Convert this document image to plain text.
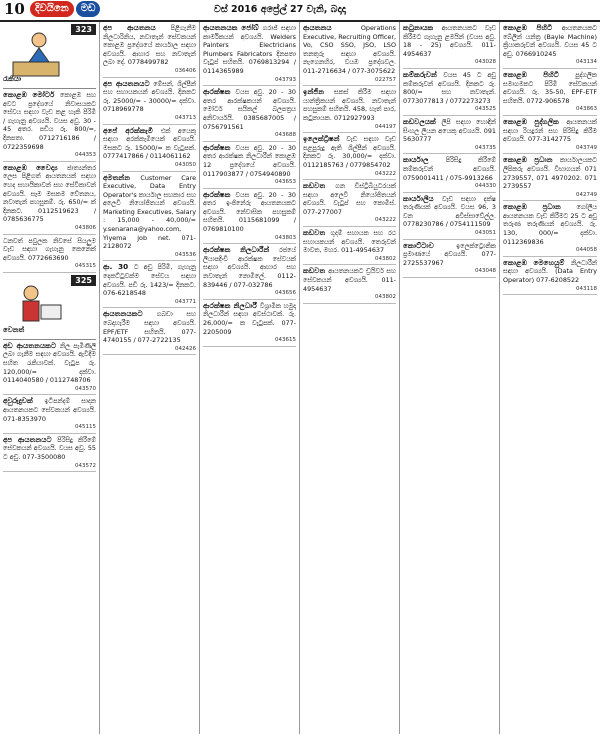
10	දිවයිනෙ	මඩ	වස් 2016 අප්‍රේල් 27 වැනි, බදාදා
323
රැකියා
කොළඹ මෝටර් කොළඹ සහ අවට ප්‍රදේශයේ නිවාසයකට සේවය සඳහා වැඩ කළ හැකි පිරිමි / ගැහැනු අවශ්‍යයි. වයස අවු. 30 - 45 අතර. පඩිය රු. 800/=, දිනපතා. 0712716186 / 0722359698
044353
කොළඹ වෛද්‍ය ජාත්‍යන්තර ලෙස පිළිගත් ආයතනයක් සඳහා හෙද සහායිකාවන් සහ සේවිකාවන් අවශ්‍යයි. සෑම මසකම වේතනය, නවාතැන් පහසුකම්. රු. 650/= ක් දිනකට. 0112519623 / 0785636775
043806
ධනවත් පවුලක නිවසේ සියලුම වැඩ සඳහා ගැහැනු කෙනෙක් අවශ්‍යයි. 0772663690
045315
325
වෙනත්
අඩ ආයතනයකට නිල පැමිණිලි ලබා ගැනීම සඳහා අවශ්‍යයි. ඇවිදීම සහිත රැකියාවක්. වැටුප රු. 120,000/= දක්වා. 0114040580 / 0112748706
043570
අවුරුදුවක් ඉටිපන්දම් සාදන ආයතනයකට සේවකයන් අවශ්‍යයි. 071-8353970
045115
අප ආයතනයට පිරිසිදු කිරීමේ සේවකයන් අවශ්‍යයි. වයස අවු. 55 ට අඩු. 077-3500080
043572
අප ආයතනය පිළිගැනීම නිලධාරිනිය, නවාතැන් සේවකයන් කොළඹ ප්‍රදේශයේ කාර්යාල සඳහා අවශ්‍යයි. ආහාර සහ නවාතැන් ලබා දේ. 0778499782
036406
අප ආයතනයට මේසන්, ශිල්පීන් සහ සහායකයන් අවශ්‍යයි. දිනකට රු. 25000/= - 30000/= දක්වා. 0718969778
043713
අපේ අරක්කැමි එක් අයෙකු සඳහා අරක්කැමියෙක් අවශ්‍යයි. මසකට රු. 15000/= ක වැටුපක්. 0777417866 / 0114061162
043050
අමතන්න Customer Care Executive, Data Entry Operator's කාර්යාල සහකාර සහ අලෙවි නියෝජිතයන් අවශ්‍යයි. Marketing Executives, Salary : 15,000 - 40,000/= y.senarana@yahoo.com, Yiyema job net. 071-2128072
043536
ආ. 30 ට අඩු පිරිමි, ගැහැනු දෙකට්ටුවක්ම සේවය සඳහා අවශ්‍යයි. පඩි රු. 1423/= දිනකට. 076-6218548
043771
ආයතනයකට ගබඩා සහ බෙදාහැරීම සඳහා අවශ්‍යයි. EPF/ETF සහිතයි. 077-4740155 / 077-2722135
042426
ආයතනයක ජෝබ් ගරාජ් සඳහා කාර්මිකයන් අවශ්‍යයි. Welders Painters Electricians Plumbers Fabricators දිනපතා වැටුප් සහිතයි. 0769813294 / 0114365989
043793
ආරක්ෂක වයස අවු. 20 - 30 අතර ආරක්ෂකයන් අවශ්‍යයි. මෝටර් සයිකල් බලපත්‍රය අනිවාර්යයි. 0385687005 / 0756791561
043688
ආරක්ෂක වයස අවු. 20 - 30 අතර ආරක්ෂක නිලධාරීන් කොළඹ 12 ප්‍රදේශයේ අවශ්‍යයි. 0117903877 / 0754940890
043653
ආරක්ෂක වයස අවු. 20 - 30 අතර ඉංජිනේරු ආයතනයකට අවශ්‍යයි. නේවාසික පහසුකම් සහිතයි. 0115681099 / 0769810100
043803
ආරක්ෂක නිලධාරීන් රජයේ ලියාපදිංචි ආරක්ෂක සේවයක් සඳහා අවශ්‍යයි. ආහාර සහ නවාතැන් නොමිලේ. 0112-839446 / 077-032786
043656
ආරක්ෂක නිලධාරී විශ්‍රාමික හමුදා නිලධාරීන් සඳහා අවස්ථාවක්. රු. 26,000/= ක වැටුපක්. 077-2205009
043615
ආයතනය Operations Executive, Recruiting Officer, Vo, CSO SSO, JSO, LSO තනතුරු සඳහා අවශ්‍යයි. නැගෙනහිර, වයඹ ප්‍රදේශවල. 011-2716634 / 077-3075622
022757
ඉන්ජින සකස් කිරීම සඳහා යාන්ත්‍රිකයන් අවශ්‍යයි. නවාතැන් පහසුකම් සහිතයි. 458, හැත් පාර, කටුනායක. 0712927993
044197
ඉලෙක්ට්‍රිෂන් වැඩ සඳහා වැඩ පළපුරුදු ඇති ශිල්පීන් අවශ්‍යයි. දිනකට රු. 30,000/= දක්වා. 0112185763 / 0779854702
043222
කඩවත ගන ඩිස්ට්‍රිබියුටරයක් සඳහා අලෙවි නියෝජිතයන් අවශ්‍යයි. වැටුප් සහ කොමිස්. 077-277007
043222
කඩවත ගුදම් සහායක සහ රථ සහායකයන් අවශ්‍යයි. තෙරුවන් මාවත, මහර. 011-4954637
043802
කඩවත ආයතනයකට ඩ්‍රයිවර් සහ සේවකයන් අවශ්‍යයි. 011-4954637
043802
කටුනායක ආයතනයකට වැඩ කිරීමට ගැහැනු ළමයින් (වයස අවු. 18 - 25) අවශ්‍යයි. 011-4954637
043028
කම්කරුවන් වයස 45 ට අඩු කම්කරුවන් අවශ්‍යයි. දිනකට රු. 800/= සහ නවාතැන්. 0773077813 / 0772273273
043525
කඩවලයක් ලිපි සඳහා හොඳින් සිංහල ලියන අයෙකු අවශ්‍යයි. 091 5630777
043735
කාර්යාල පිරිසිදු කිරීමේ කම්කරුවන් අවශ්‍යයි. 0759001411 / 075-9913266
044330
කාර්යාලීය වැඩ සඳහා දක්ෂ තරුණියක් අවශ්‍යයි. වයස 96, 3 වන අවිස්සාවේල්ල. 0778230786 / 0754111509
043051
කොට්ටාව ඉලෙක්ට්‍රොනික ප්‍රමාණයේ අවශ්‍යයි. 077-2725537967
043048
කොළඹ පිහිටි ආයතනයකට බේලින් යන්ත්‍ර (Bayle Machine) ක්‍රියාකරුවන් අවශ්‍යයි. වයස 45 ට අඩු. 0766910245
043134
කොළඹ පිහිටි පුද්ගලික සමාගමකට පිරිමි සේවකයන් අවශ්‍යයි. රු. 35-50, EPF-ETF සහිතයි. 0772-906578
043863
කොළඹ පුද්ගලික ආයතනයක් සඳහා රියදුරන් සහ පිරිසිදු කිරීම අවශ්‍යයි. 077-3142775
043749
කොළඹ ප්‍රධාන කාර්යාලයකට ලිපිකරු අවශ්‍යයි. විභාගයන් 071 2739557, 071 4970202. 071 2739557
042749
කොළඹ ප්‍රධාන ගෝලීය ආයතනයක වැඩ කිරීමට 25 ට අඩු තරුණ තරුණියන් අවශ්‍යයි. රු. 130, 000/= දක්වා. 0112369836
044058
කොළඹ මෙහෙයුම් නිලධාරීන් සඳහා අවශ්‍යයි. (Data Entry Operator) 077-6208522
043118
